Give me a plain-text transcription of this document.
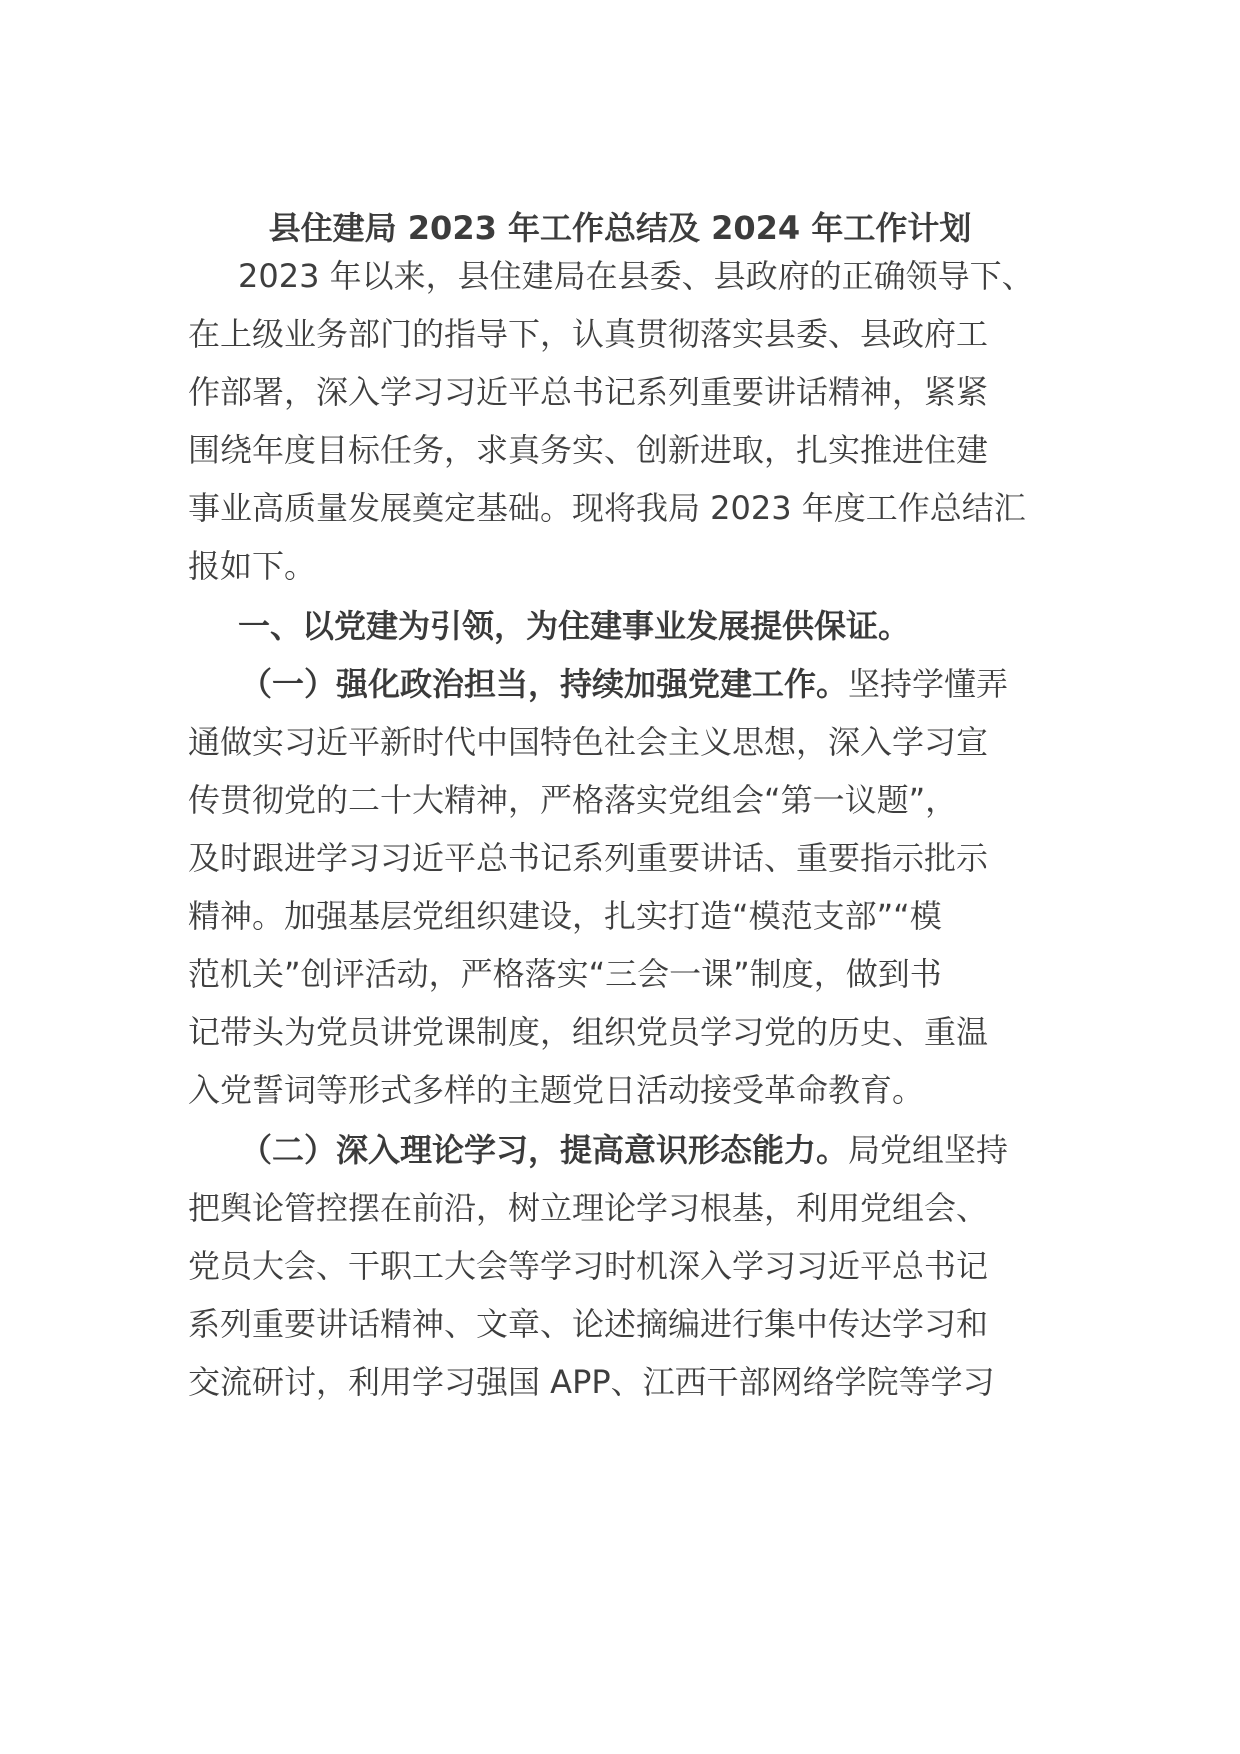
县住建局 2023 年工作总结及 2024 年工作计划
2023 年以来，县住建局在县委、县政府的正确领导下、
在上级业务部门的指导下，认真贯彻落实县委、县政府工
作部署，深入学习习近平总书记系列重要讲话精神，紧紧
围绕年度目标任务，求真务实、创新进取，扎实推进住建
事业高质量发展奠定基础。现将我局 2023 年度工作总结汇
报如下。
一、以党建为引领，为住建事业发展提供保证。
（一）强化政治担当，持续加强党建工作。坚持学懂弄
通做实习近平新时代中国特色社会主义思想，深入学习宣
传贯彻党的二十大精神，严格落实党组会“第一议题”，
及时跟进学习习近平总书记系列重要讲话、重要指示批示
精神。加强基层党组织建设，扎实打造“模范支部”“模
范机关”创评活动，严格落实“三会一课”制度，做到书
记带头为党员讲党课制度，组织党员学习党的历史、重温
入党誓词等形式多样的主题党日活动接受革命教育。
（二）深入理论学习，提高意识形态能力。局党组坚持
把舆论管控摆在前沿，树立理论学习根基，利用党组会、
党员大会、干职工大会等学习时机深入学习习近平总书记
系列重要讲话精神、文章、论述摘编进行集中传达学习和
交流研讨，利用学习强国 APP、江西干部网络学院等学习
